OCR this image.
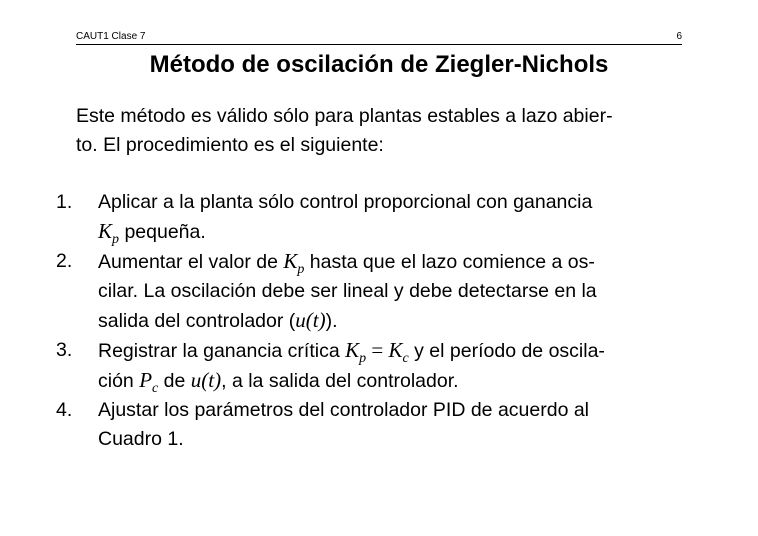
CAUT1 Clase 7	6
Método de oscilación de Ziegler-Nichols
Este método es válido sólo para plantas estables a lazo abier-
to. El procedimiento es el siguiente:
1. Aplicar a la planta sólo control proporcional con ganancia
$K_p$ pequeña.
2. Aumentar el valor de $K_p$ hasta que el lazo comience a os-
cilar. La oscilación debe ser lineal y debe detectarse en la
salida del controlador (u(t)).
3. Registrar la ganancia crítica $K_p = K_c$ y el período de oscila-
ción $P_c$ de u(t), a la salida del controlador.
4. Ajustar los parámetros del controlador PID de acuerdo al
Cuadro 1.
